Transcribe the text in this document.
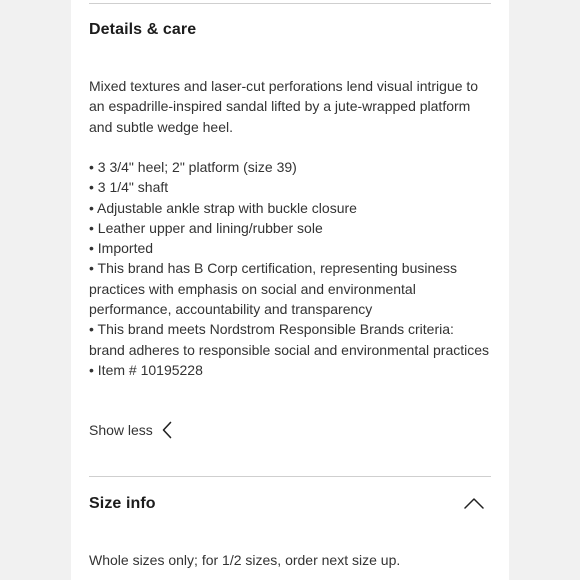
Details & care

Mixed textures and laser-cut perforations lend visual intrigue to an espadrille-inspired sandal lifted by a jute-wrapped platform and subtle wedge heel.

• 3 3/4" heel; 2" platform (size 39)
• 3 1/4" shaft
• Adjustable ankle strap with buckle closure
• Leather upper and lining/rubber sole
• Imported
• This brand has B Corp certification, representing business practices with emphasis on social and environmental performance, accountability and transparency
• This brand meets Nordstrom Responsible Brands criteria: brand adheres to responsible social and environmental practices
• Item # 10195228
Show less
Size info

Whole sizes only; for 1/2 sizes, order next size up.
